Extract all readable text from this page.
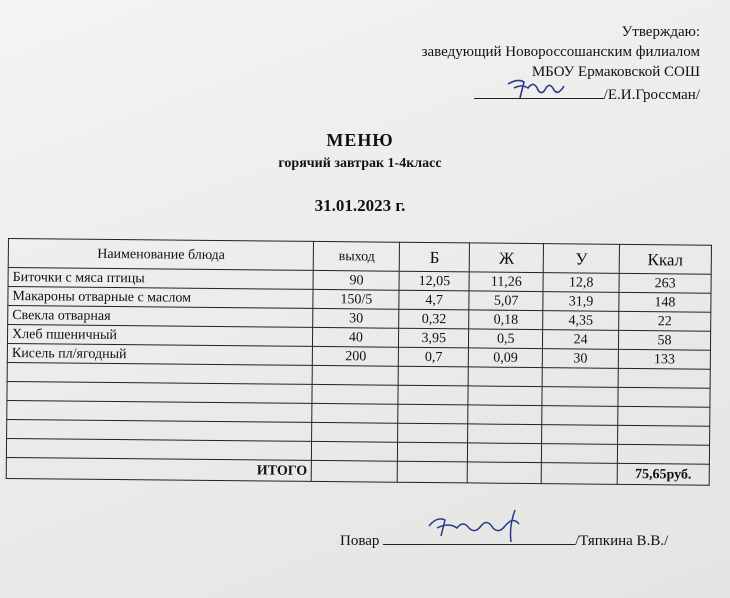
Утверждаю:
заведующий Новороссошанским филиалом
МБОУ Ермаковской СОШ
/Е.И.Гроссман/
МЕНЮ
горячий завтрак 1-4класс
31.01.2023 г.
Наименование блюда	выход	Б	Ж	У	Ккал
Биточки с мяса птицы	90	12,05	11,26	12,8	263
Макароны отварные с маслом	150/5	4,7	5,07	31,9	148
Свекла отварная	30	0,32	0,18	4,35	22
Хлеб пшеничный	40	3,95	0,5	24	58
Кисель пл/ягодный	200	0,7	0,09	30	133

ИТОГО					75,65руб.
Повар	/Тяпкина В.В./
